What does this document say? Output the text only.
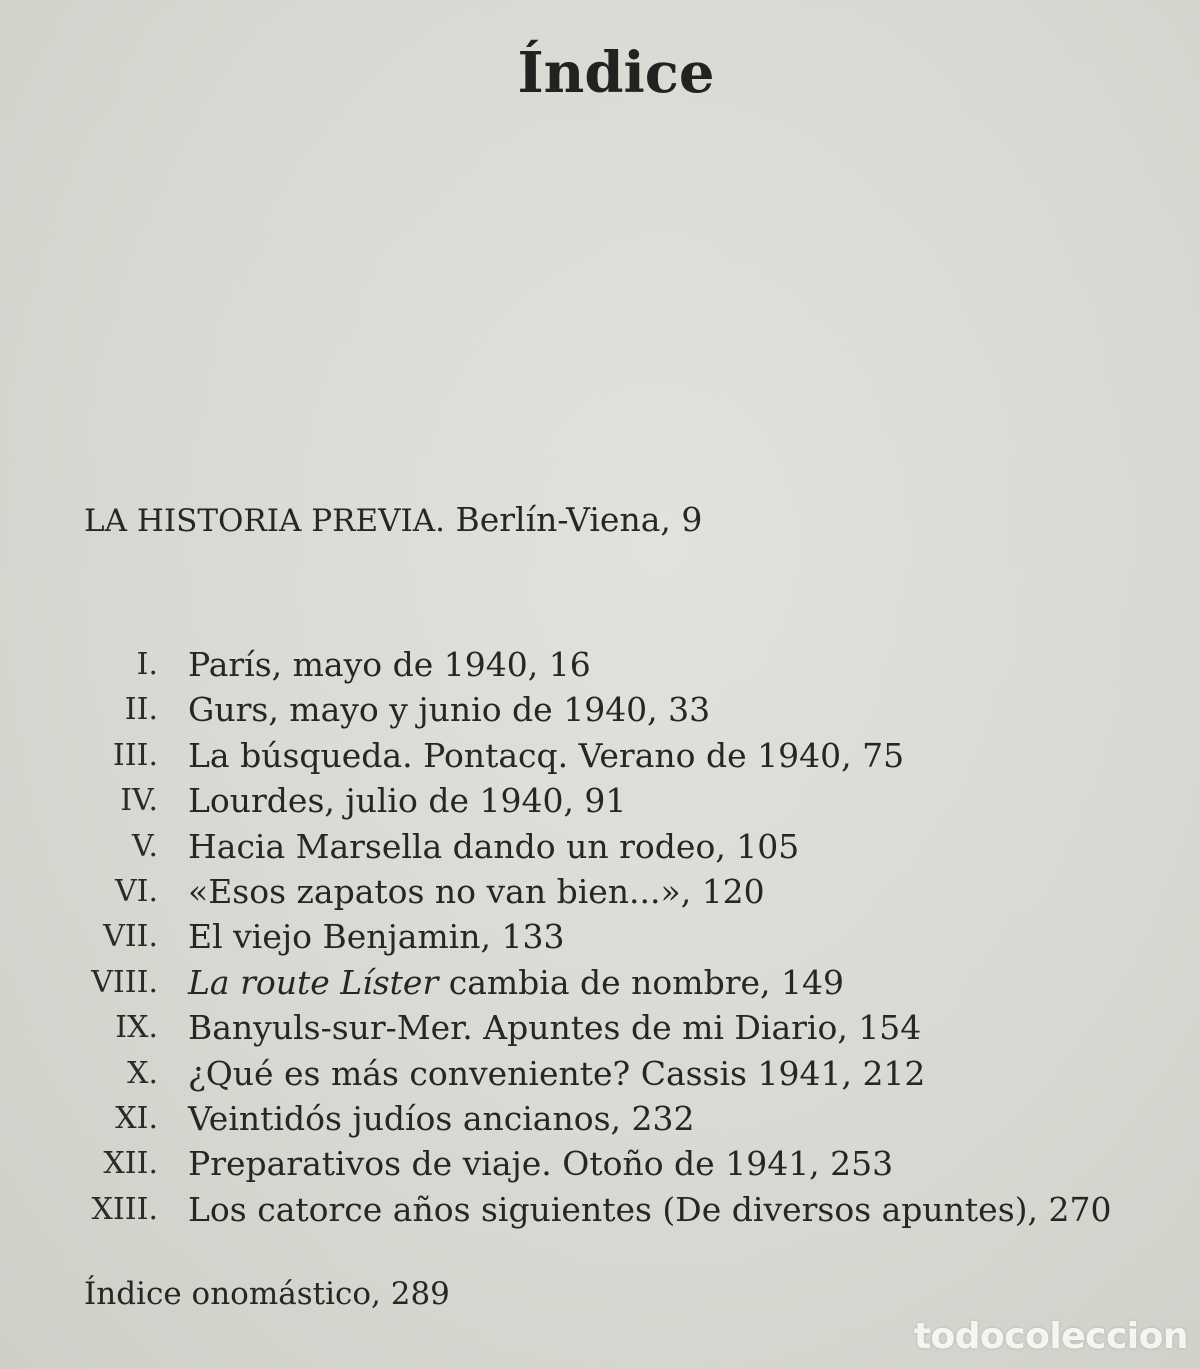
Índice

LA HISTORIA PREVIA. Berlín-Viena, 9

I. París, mayo de 1940, 16
II. Gurs, mayo y junio de 1940, 33
III. La búsqueda. Pontacq. Verano de 1940, 75
IV. Lourdes, julio de 1940, 91
V. Hacia Marsella dando un rodeo, 105
VI. «Esos zapatos no van bien...», 120
VII. El viejo Benjamin, 133
VIII. La route Líster cambia de nombre, 149
IX. Banyuls-sur-Mer. Apuntes de mi Diario, 154
X. ¿Qué es más conveniente? Cassis 1941, 212
XI. Veintidós judíos ancianos, 232
XII. Preparativos de viaje. Otoño de 1941, 253
XIII. Los catorce años siguientes (De diversos apuntes), 270

Índice onomástico, 289

todocoleccion
